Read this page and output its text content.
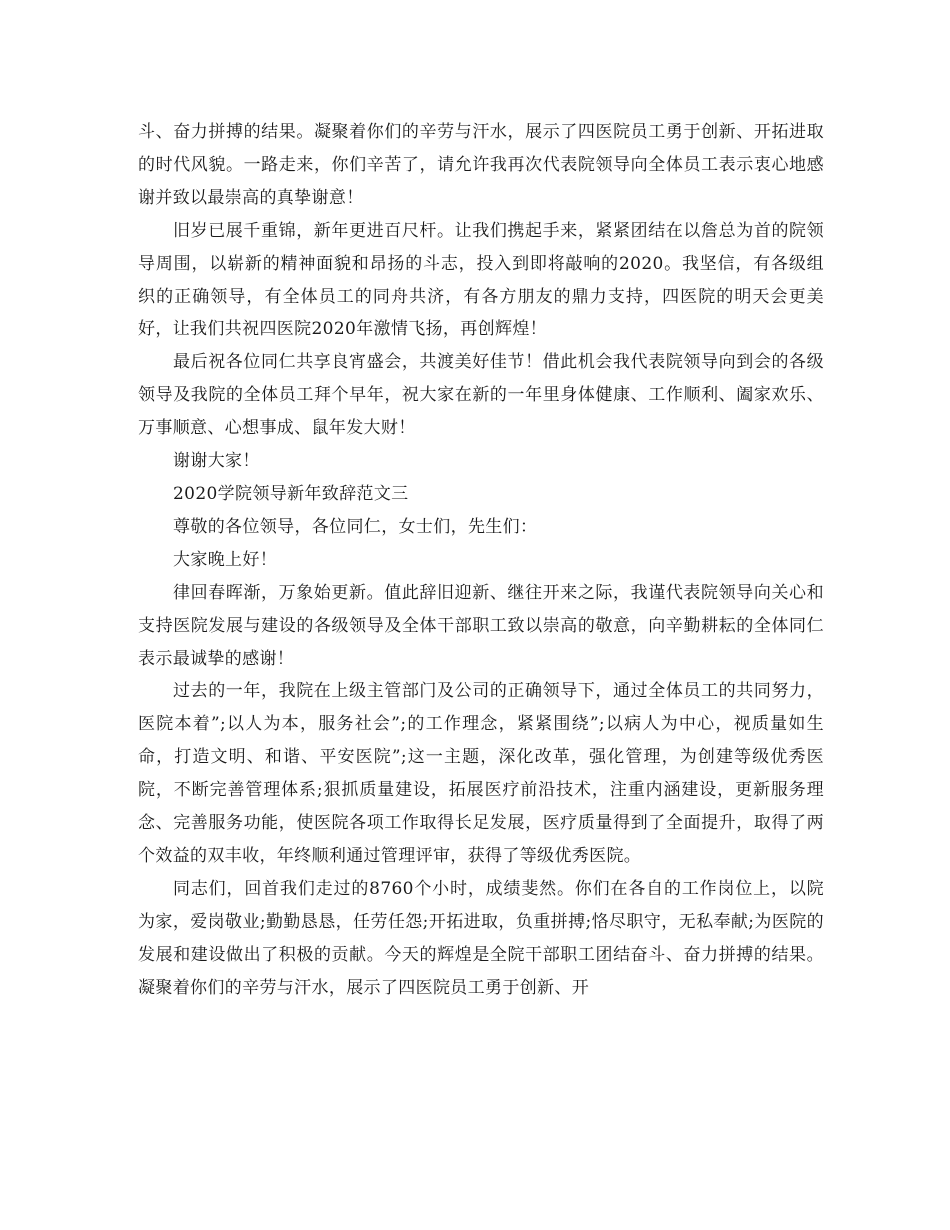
斗、奋力拼搏的结果。凝聚着你们的辛劳与汗水，展示了四医院员工勇于创新、开拓进取的时代风貌。一路走来，你们辛苦了，请允许我再次代表院领导向全体员工表示衷心地感谢并致以最崇高的真挚谢意！

旧岁已展千重锦，新年更进百尺杆。让我们携起手来，紧紧团结在以詹总为首的院领导周围，以崭新的精神面貌和昂扬的斗志，投入到即将敲响的2020。我坚信，有各级组织的正确领导，有全体员工的同舟共济，有各方朋友的鼎力支持，四医院的明天会更美好，让我们共祝四医院2020年激情飞扬，再创辉煌！

最后祝各位同仁共享良宵盛会，共渡美好佳节！借此机会我代表院领导向到会的各级领导及我院的全体员工拜个早年，祝大家在新的一年里身体健康、工作顺利、阖家欢乐、万事顺意、心想事成、鼠年发大财！

谢谢大家！

2020学院领导新年致辞范文三

尊敬的各位领导，各位同仁，女士们，先生们：

大家晚上好！

律回春晖渐，万象始更新。值此辞旧迎新、继往开来之际，我谨代表院领导向关心和支持医院发展与建设的各级领导及全体干部职工致以崇高的敬意，向辛勤耕耘的全体同仁表示最诚挚的感谢！

过去的一年，我院在上级主管部门及公司的正确领导下，通过全体员工的共同努力，医院本着”;以人为本，服务社会”;的工作理念，紧紧围绕”;以病人为中心，视质量如生命，打造文明、和谐、平安医院”;这一主题，深化改革，强化管理，为创建等级优秀医院，不断完善管理体系;狠抓质量建设，拓展医疗前沿技术，注重内涵建设，更新服务理念、完善服务功能，使医院各项工作取得长足发展，医疗质量得到了全面提升，取得了两个效益的双丰收，年终顺利通过管理评审，获得了等级优秀医院。

同志们，回首我们走过的8760个小时，成绩斐然。你们在各自的工作岗位上，以院为家，爱岗敬业;勤勤恳恳，任劳任怨;开拓进取，负重拼搏;恪尽职守，无私奉献;为医院的发展和建设做出了积极的贡献。今天的辉煌是全院干部职工团结奋斗、奋力拼搏的结果。凝聚着你们的辛劳与汗水，展示了四医院员工勇于创新、开
